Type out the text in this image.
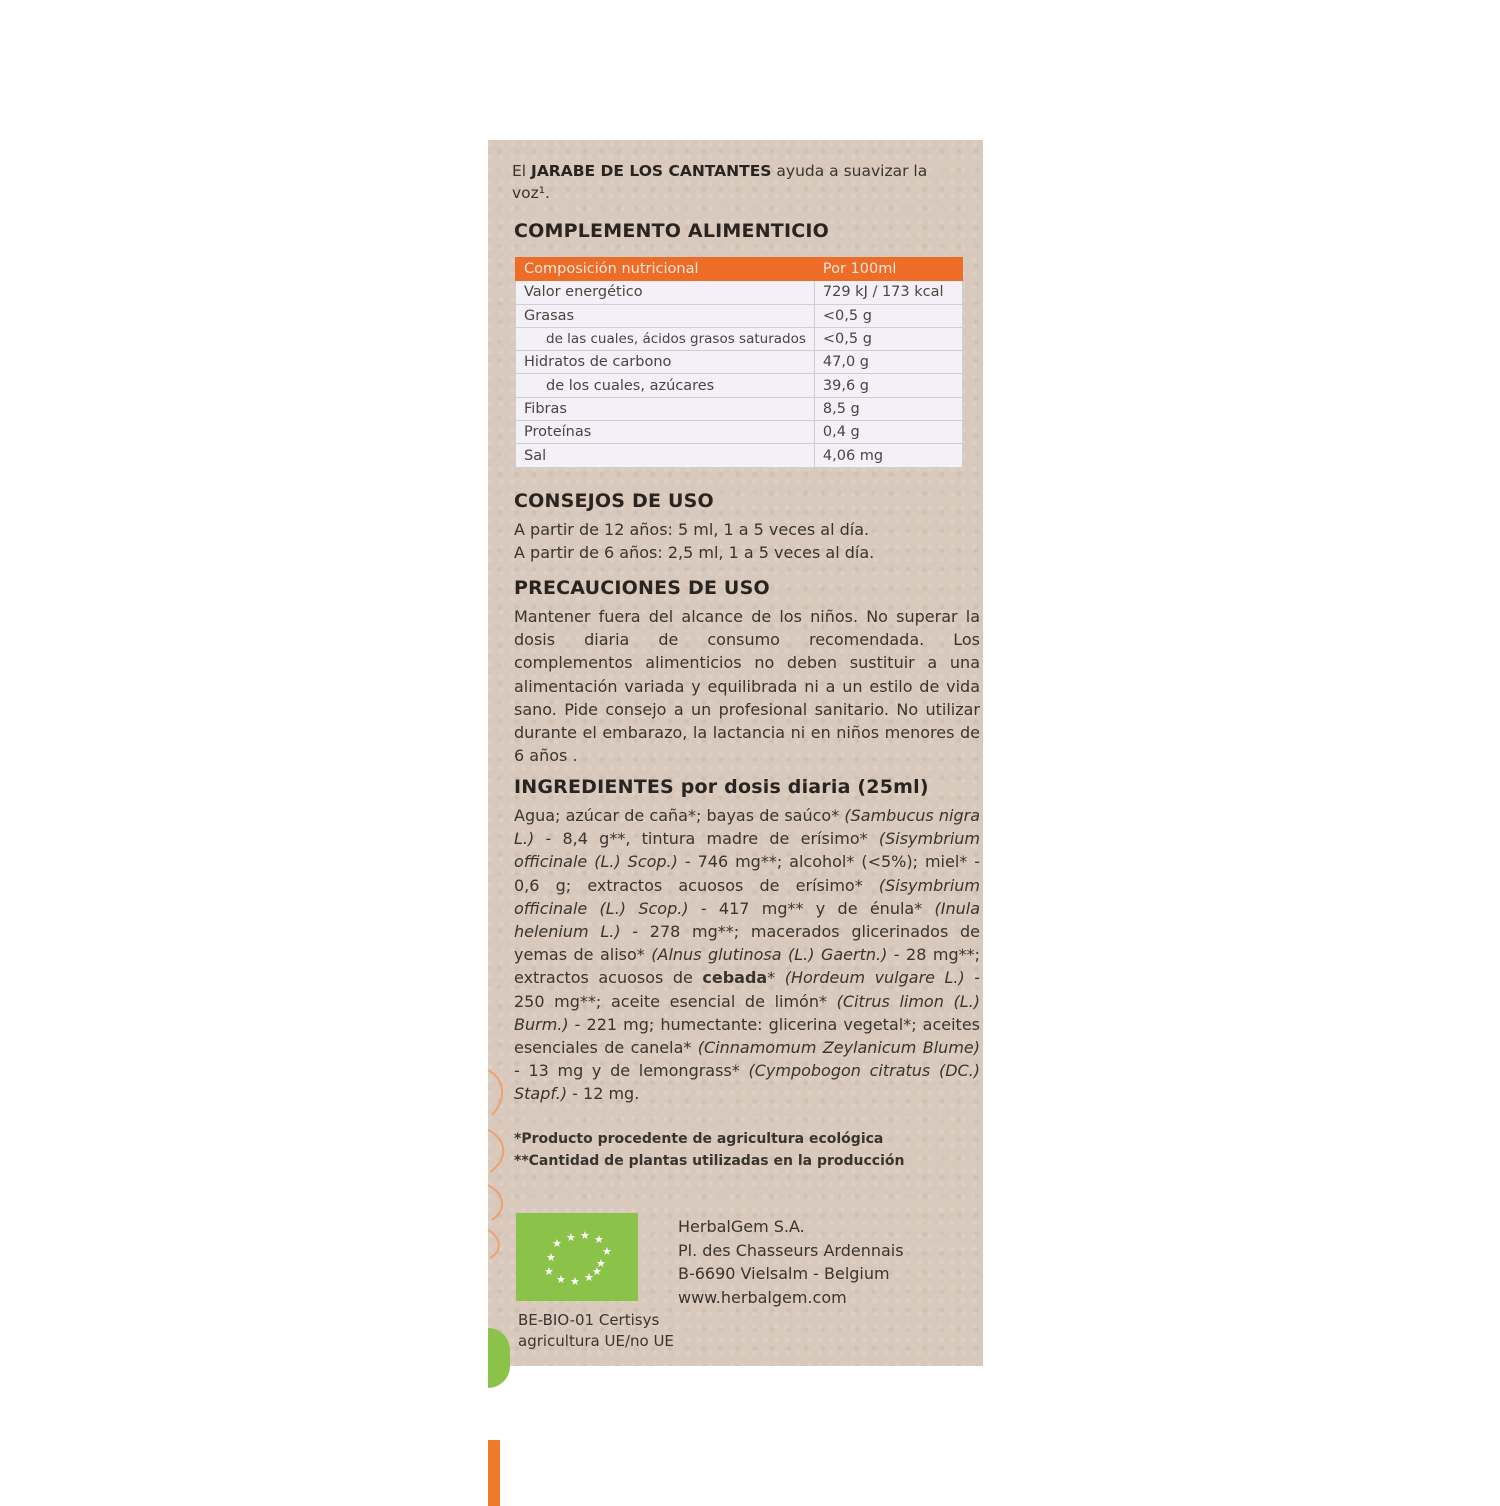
El JARABE DE LOS CANTANTES ayuda a suavizar la voz¹.
COMPLEMENTO ALIMENTICIO
Composición nutricional	Por 100ml
Valor energético	729 kJ / 173 kcal
Grasas	<0,5 g
de las cuales, ácidos grasos saturados	<0,5 g
Hidratos de carbono	47,0 g
de los cuales, azúcares	39,6 g
Fibras	8,5 g
Proteínas	0,4 g
Sal	4,06 mg
CONSEJOS DE USO
A partir de 12 años: 5 ml, 1 a 5 veces al día.
A partir de 6 años: 2,5 ml, 1 a 5 veces al día.
PRECAUCIONES DE USO
Mantener fuera del alcance de los niños. No superar la dosis diaria de consumo recomendada. Los complementos alimenticios no deben sustituir a una alimentación variada y equilibrada ni a un estilo de vida sano. Pide consejo a un profesional sanitario. No utilizar durante el embarazo, la lactancia ni en niños menores de 6 años .
INGREDIENTES por dosis diaria (25ml)
Agua; azúcar de caña*; bayas de saúco* (Sambucus nigra L.) - 8,4 g**, tintura madre de erísimo* (Sisymbrium officinale (L.) Scop.) - 746 mg**; alcohol* (<5%); miel* - 0,6 g; extractos acuosos de erísimo* (Sisymbrium officinale (L.) Scop.) - 417 mg** y de énula* (Inula helenium L.) - 278 mg**; macerados glicerinados de yemas de aliso* (Alnus glutinosa (L.) Gaertn.) - 28 mg**; extractos acuosos de cebada* (Hordeum vulgare L.) - 250 mg**; aceite esencial de limón* (Citrus limon (L.) Burm.) - 221 mg; humectante: glicerina vegetal*; aceites esenciales de canela* (Cinnamomum Zeylanicum Blume) - 13 mg y de lemongrass* (Cympobogon citratus (DC.) Stapf.) - 12 mg.
*Producto procedente de agricultura ecológica
**Cantidad de plantas utilizadas en la producción
★ ★ ★ ★
★
★	★
★
★ ★ ★
★
HerbalGem S.A.
Pl. des Chasseurs Ardennais
B-6690 Vielsalm - Belgium
www.herbalgem.com
BE-BIO-01 Certisys
agricultura UE/no UE
